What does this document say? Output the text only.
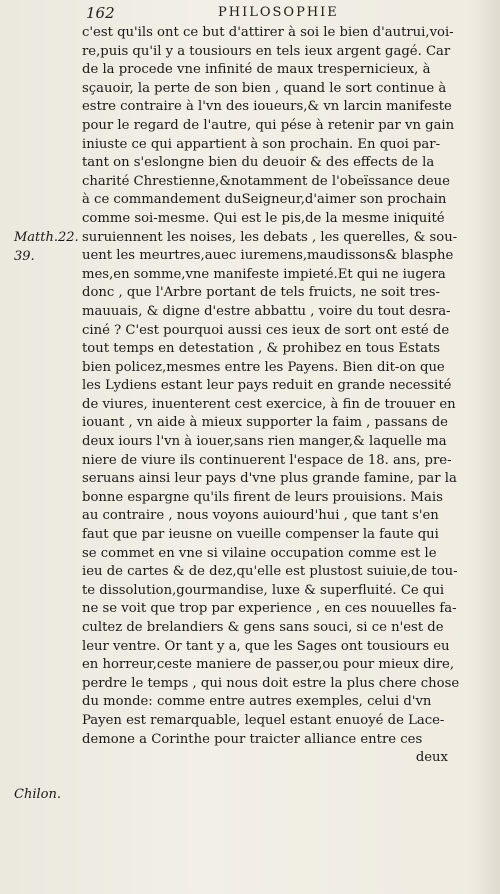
162	PHILOSOPHIE
Matth.22.
39.
Chilon.
c'est qu'ils ont ce but d'attirer à soi le bien d'autrui,voi-
re,puis qu'il y a tousiours en tels ieux argent gagé. Car
de la procede vne infinité de maux trespernicieux, à
sçauoir, la perte de son bien , quand le sort continue à
estre contraire à l'vn des ioueurs,& vn larcin manifeste
pour le regard de l'autre, qui pése à retenir par vn gain
iniuste ce qui appartient à son prochain. En quoi par-
tant on s'eslongne bien du deuoir & des effects de la
charité Chrestienne,&notamment de l'obeïssance deue
à ce commandement duSeigneur,d'aimer son prochain
comme soi-mesme. Qui est le pis,de la mesme iniquité
suruiennent les noises, les debats , les querelles, & sou-
uent les meurtres,auec iuremens,maudissons& blasphe
mes,en somme,vne manifeste impieté.Et qui ne iugera
donc , que l'Arbre portant de tels fruicts, ne soit tres-
mauuais, & digne d'estre abbattu , voire du tout desra-
ciné ? C'est pourquoi aussi ces ieux de sort ont esté de
tout temps en detestation , & prohibez en tous Estats
bien policez,mesmes entre les Payens. Bien dit-on que
les Lydiens estant leur pays reduit en grande necessité
de viures, inuenterent cest exercice, à fin de trouuer en
iouant , vn aide à mieux supporter la faim , passans de
deux iours l'vn à iouer,sans rien manger,& laquelle ma
niere de viure ils continuerent l'espace de 18. ans, pre-
seruans ainsi leur pays d'vne plus grande famine, par la
bonne espargne qu'ils firent de leurs prouisions. Mais
au contraire , nous voyons auiourd'hui , que tant s'en
faut que par ieusne on vueille compenser la faute qui
se commet en vne si vilaine occupation comme est le
ieu de cartes & de dez,qu'elle est plustost suiuie,de tou-
te dissolution,gourmandise, luxe & superfluité. Ce qui
ne se voit que trop par experience , en ces nouuelles fa-
cultez de brelandiers & gens sans souci, si ce n'est de
leur ventre. Or tant y a, que les Sages ont tousiours eu
en horreur,ceste maniere de passer,ou pour mieux dire,
perdre le temps , qui nous doit estre la plus chere chose
du monde: comme entre autres exemples, celui d'vn
Payen est remarquable, lequel estant enuoyé de Lace-
demone a Corinthe pour traicter alliance entre ces
deux
